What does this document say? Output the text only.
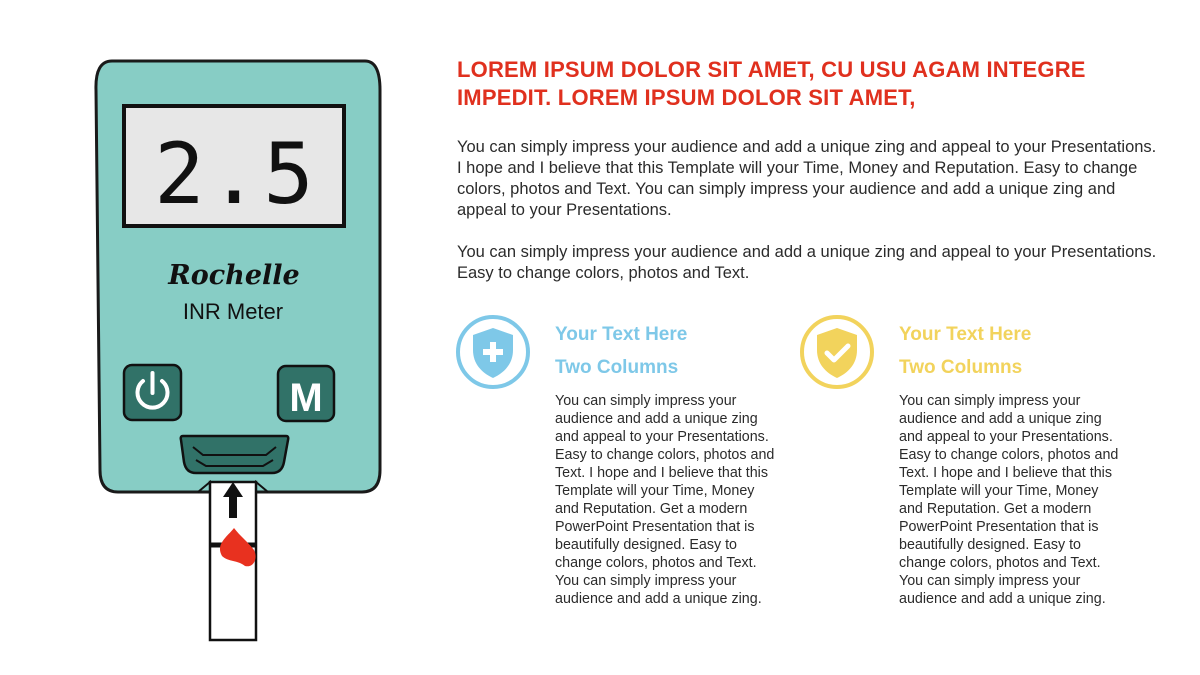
2.5
Rochelle
INR Meter
M
LOREM IPSUM DOLOR SIT AMET, CU USU AGAM INTEGRE IMPEDIT. LOREM IPSUM DOLOR SIT AMET,

You can simply impress your audience and add a unique zing and appeal to your Presentations. I hope and I believe that this Template will your Time, Money and Reputation. Easy to change colors, photos and Text. You can simply impress your audience and add a unique zing and appeal to your Presentations.

You can simply impress your audience and add a unique zing and appeal to your Presentations. Easy to change colors, photos and Text.

Your Text Here
Two Columns

You can simply impress your audience and add a unique zing and appeal to your Presentations. Easy to change colors, photos and Text. I hope and I believe that this Template will your Time, Money and Reputation. Get a modern PowerPoint Presentation that is beautifully designed. Easy to change colors, photos and Text. You can simply impress your audience and add a unique zing.

Your Text Here
Two Columns

You can simply impress your audience and add a unique zing and appeal to your Presentations. Easy to change colors, photos and Text. I hope and I believe that this Template will your Time, Money and Reputation. Get a modern PowerPoint Presentation that is beautifully designed. Easy to change colors, photos and Text. You can simply impress your audience and add a unique zing.
